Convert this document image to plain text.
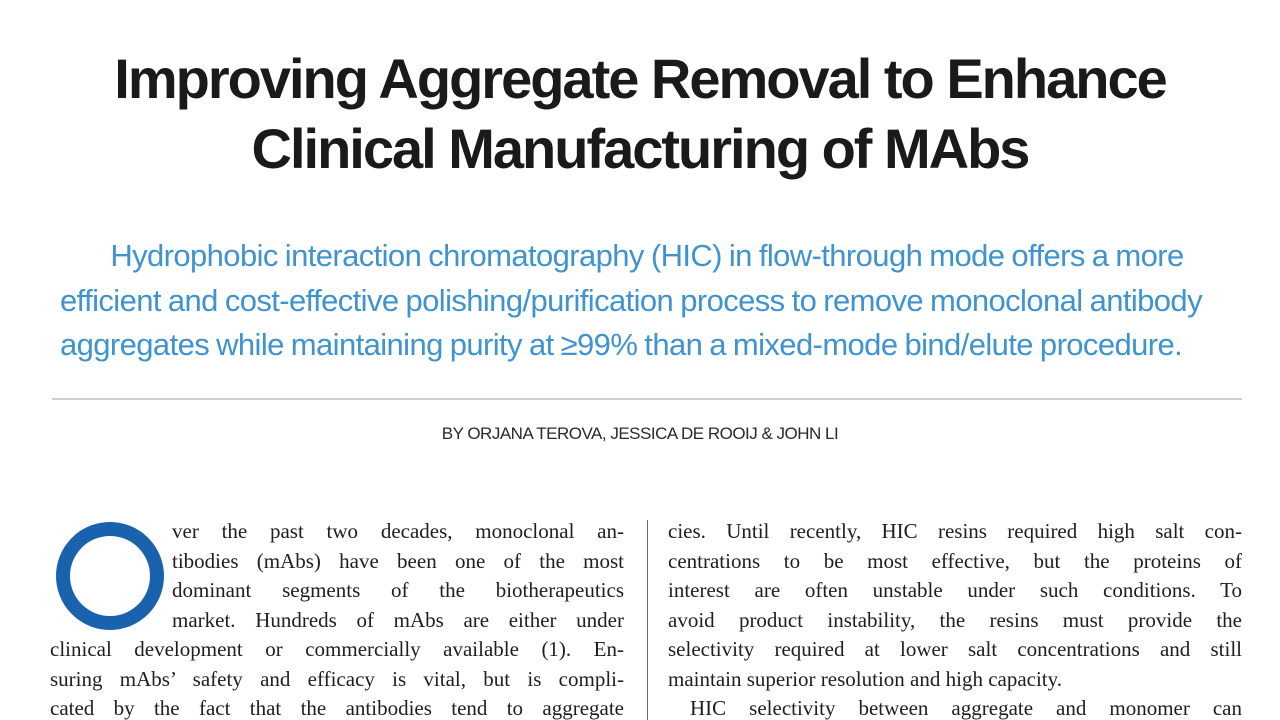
Improving Aggregate Removal to Enhance
Clinical Manufacturing of MAbs

Hydrophobic interaction chromatography (HIC) in flow-through mode offers a more
efficient and cost-effective polishing/purification process to remove monoclonal antibody
aggregates while maintaining purity at ≥99% than a mixed-mode bind/elute procedure.

BY ORJANA TEROVA, JESSICA DE ROOIJ & JOHN LI
ver the past two decades, monoclonal an-
tibodies (mAbs) have been one of the most
dominant segments of the biotherapeutics
market. Hundreds of mAbs are either under
clinical development or commercially available (1). En-
suring mAbs’ safety and efficacy is vital, but is compli-
cated by the fact that the antibodies tend to aggregate
cies. Until recently, HIC resins required high salt con-
centrations to be most effective, but the proteins of
interest are often unstable under such conditions. To
avoid product instability, the resins must provide the
selectivity required at lower salt concentrations and still
maintain superior resolution and high capacity.
HIC selectivity between aggregate and monomer can
